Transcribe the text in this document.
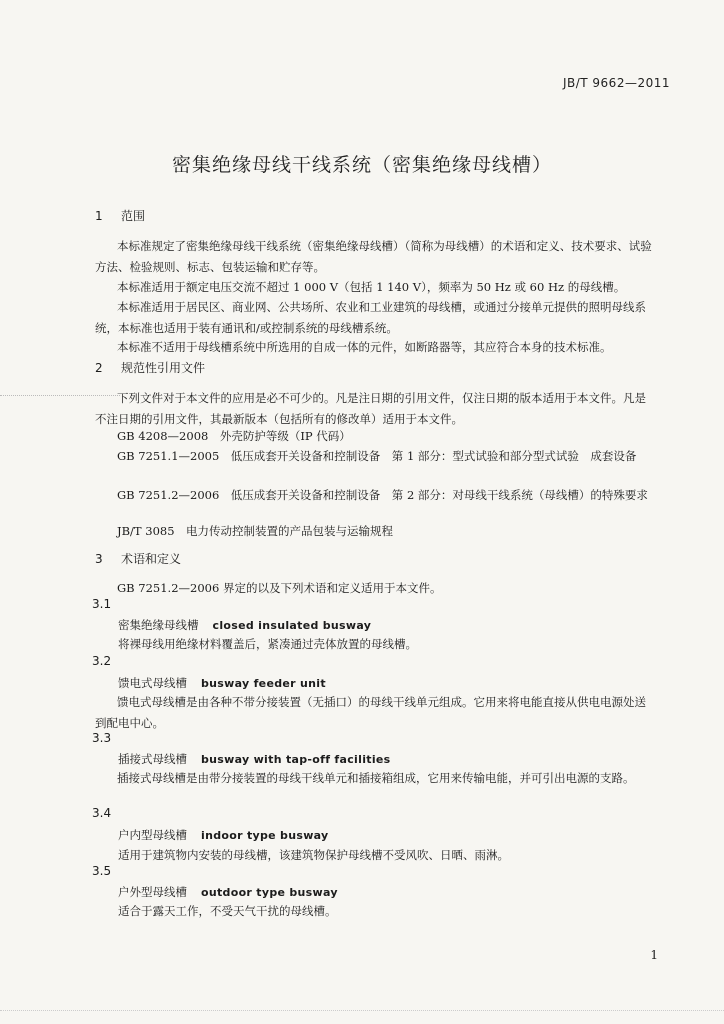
JB/T 9662—2011
密集绝缘母线干线系统（密集绝缘母线槽）
1 范围
本标准规定了密集绝缘母线干线系统（密集绝缘母线槽）（简称为母线槽）的术语和定义、技术要求、试验方法、检验规则、标志、包装运输和贮存等。
本标准适用于额定电压交流不超过 1 000 V（包括 1 140 V），频率为 50 Hz 或 60 Hz 的母线槽。
本标准适用于居民区、商业网、公共场所、农业和工业建筑的母线槽，或通过分接单元提供的照明母线系统，本标准也适用于装有通讯和/或控制系统的母线槽系统。
本标准不适用于母线槽系统中所选用的自成一体的元件，如断路器等，其应符合本身的技术标准。
2 规范性引用文件
下列文件对于本文件的应用是必不可少的。凡是注日期的引用文件，仅注日期的版本适用于本文件。凡是不注日期的引用文件，其最新版本（包括所有的修改单）适用于本文件。
GB 4208—2008　外壳防护等级（IP 代码）
GB 7251.1—2005　低压成套开关设备和控制设备　第 1 部分：型式试验和部分型式试验　成套设备
GB 7251.2—2006　低压成套开关设备和控制设备　第 2 部分：对母线干线系统（母线槽）的特殊要求
JB/T 3085　电力传动控制装置的产品包装与运输规程
3 术语和定义
GB 7251.2—2006 界定的以及下列术语和定义适用于本文件。
3.1
密集绝缘母线槽 closed insulated busway
将裸母线用绝缘材料覆盖后，紧凑通过壳体放置的母线槽。
3.2
馈电式母线槽 busway feeder unit
馈电式母线槽是由各种不带分接装置（无插口）的母线干线单元组成。它用来将电能直接从供电电源处送到配电中心。
3.3
插接式母线槽 busway with tap-off facilities
插接式母线槽是由带分接装置的母线干线单元和插接箱组成，它用来传输电能，并可引出电源的支路。
3.4
户内型母线槽 indoor type busway
适用于建筑物内安装的母线槽，该建筑物保护母线槽不受风吹、日晒、雨淋。
3.5
户外型母线槽 outdoor type busway
适合于露天工作，不受天气干扰的母线槽。
1
